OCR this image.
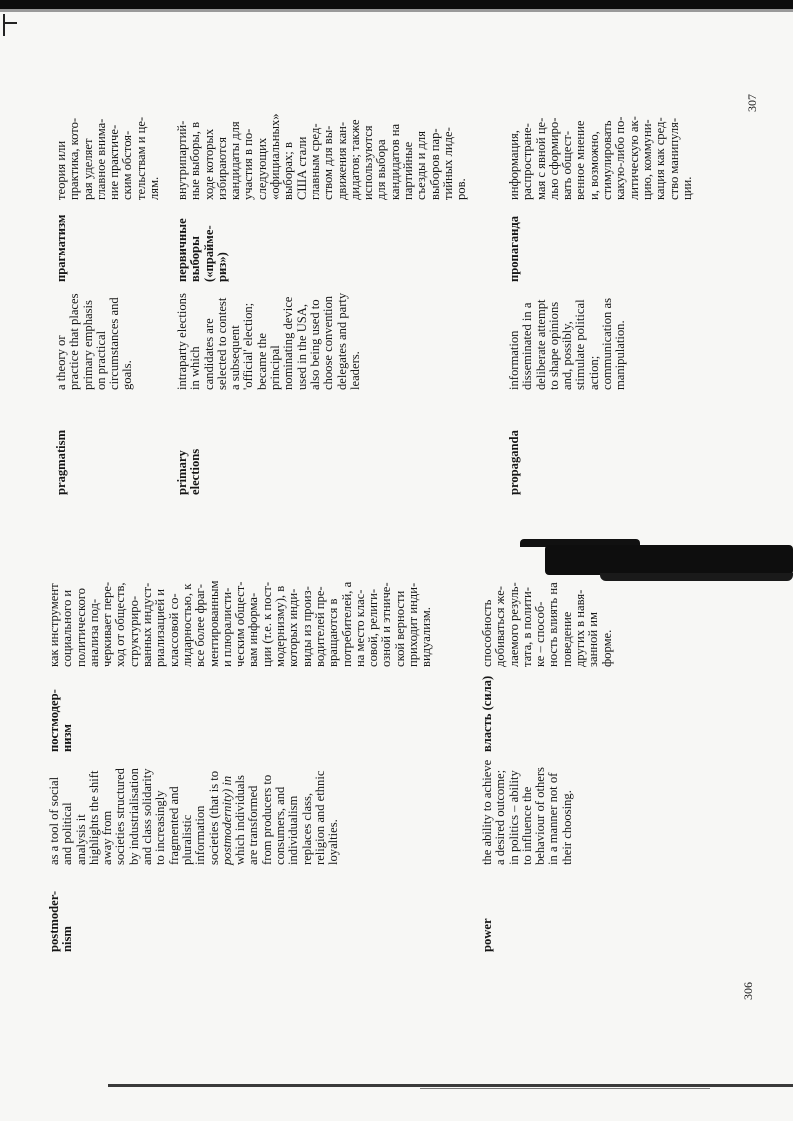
306
307
postmoder- nism
as a tool of social and political analysis it highlights the shift away from societies structured by industrialisation and class solidarity to increasingly fragmented and pluralistic information societies (that is to postmodernity) in which individuals are transformed from producers to consumers, and individualism replaces class, religion and ethnic loyalties.
постмодер- низм
как инструмент социального и политического анализа под- черкивает пере- ход от обществ, структуриро- ванных индуст- риализацией и классовой со- лидарностью, к все более фраг- ментированным и плюралисти- ческим общест- вам информа- ции (т.е. к пост- модернизму), в которых инди- виды из произ- водителей пре- вращаются в потребителей, а на место клас- совой, религи- озной и этниче- ской верности приходит инди- видуализм.
power
the ability to achieve a desired outcome; in politics – ability to influence the behaviour of others in a manner not of their choosing.
власть (сила)
способность добиваться же- лаемого резуль- тата, в полити- ке – способ- ность влиять на поведение других в навя- занной им форме.
pragmatism
a theory or practice that places primary emphasis on practical circumstances and goals.
прагматизм
теория или практика, кото- рая уделяет главное внима- ние практиче- ским обстоя- тельствам и це- лям.
primary elections
intraparty elections in which candidates are selected to contest a subsequent 'official' election; became the principal nominating device used in the USA, also being used to choose convention delegates and party leaders.
первичные выборы («праймe- риз»)
внутрипартий- ные выборы, в ходе которых избираются кандидаты для участия в по- следующих «официальных» выборах; в США стали главным сред- ством для вы- движения кан- дидатов; также используются для выбора кандидатов на партийные съезды и для выборов пар- тийных лиде- ров.
propaganda
information disseminated in a deliberate attempt to shape opinions and, possibly, stimulate political action; communication as manipulation.
пропаганда
информация, распростране- мая с явной це- лью сформиро- вать общест- венное мнение и, возможно, стимулировать какую-либо по- литическую ак- цию, коммуни- кация как сред- ство манипуля- ции.
